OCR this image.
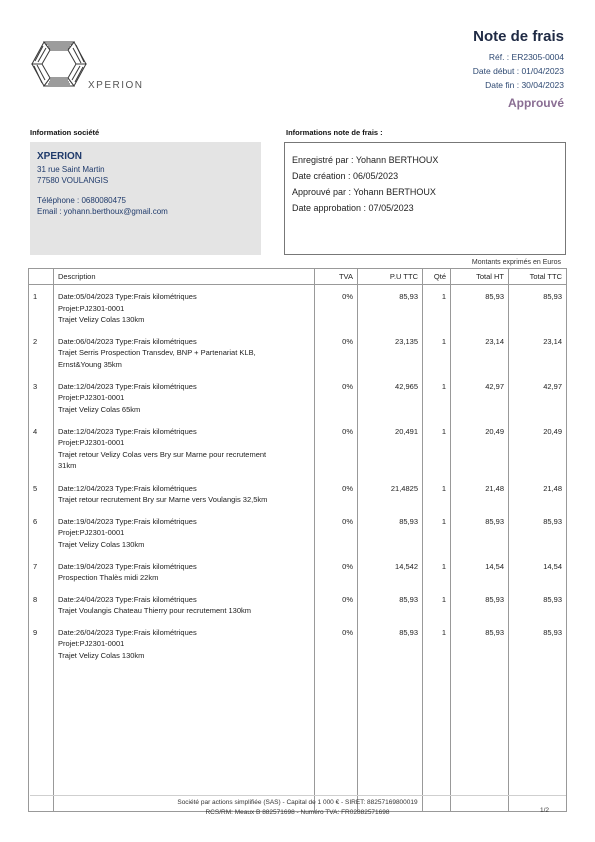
XPERION
Note de frais
Réf. : ER2305-0004
Date début : 01/04/2023
Date fin : 30/04/2023
Approuvé
Information société
XPERION
31 rue Saint Martin
77580 VOULANGIS
Téléphone : 0680080475
Email : yohann.berthoux@gmail.com
Informations note de frais :
Enregistré par : Yohann BERTHOUX
Date création : 06/05/2023
Approuvé par : Yohann BERTHOUX
Date approbation : 07/05/2023
Montants exprimés en Euros
	Description	TVA	P.U TTC	Qté	Total HT	Total TTC
1	Date:05/04/2023 Type:Frais kilométriques
Projet:PJ2301-0001
Trajet Velizy Colas 130km	0%	85,93	1	85,93	85,93
2	Date:06/04/2023 Type:Frais kilométriques
Trajet Serris Prospection Transdev, BNP + Partenariat KLB,
Ernst&Young 35km	0%	23,135	1	23,14	23,14
3	Date:12/04/2023 Type:Frais kilométriques
Projet:PJ2301-0001
Trajet Velizy Colas 65km	0%	42,965	1	42,97	42,97
4	Date:12/04/2023 Type:Frais kilométriques
Projet:PJ2301-0001
Trajet retour Velizy Colas vers Bry sur Marne pour recrutement
31km	0%	20,491	1	20,49	20,49
5	Date:12/04/2023 Type:Frais kilométriques
Trajet retour recrutement Bry sur Marne vers Voulangis 32,5km	0%	21,4825	1	21,48	21,48
6	Date:19/04/2023 Type:Frais kilométriques
Projet:PJ2301-0001
Trajet Velizy Colas 130km	0%	85,93	1	85,93	85,93
7	Date:19/04/2023 Type:Frais kilométriques
Prospection Thalès midi 22km	0%	14,542	1	14,54	14,54
8	Date:24/04/2023 Type:Frais kilométriques
Trajet Voulangis Chateau Thierry pour recrutement 130km	0%	85,93	1	85,93	85,93
9	Date:26/04/2023 Type:Frais kilométriques
Projet:PJ2301-0001
Trajet Velizy Colas 130km	0%	85,93	1	85,93	85,93

Société par actions simplifiée (SAS) - Capital de 1 000 € - SIRET: 88257169800019
RCS/RM: Meaux B 882571698 - Numéro TVA: FR02882571698	1/2
